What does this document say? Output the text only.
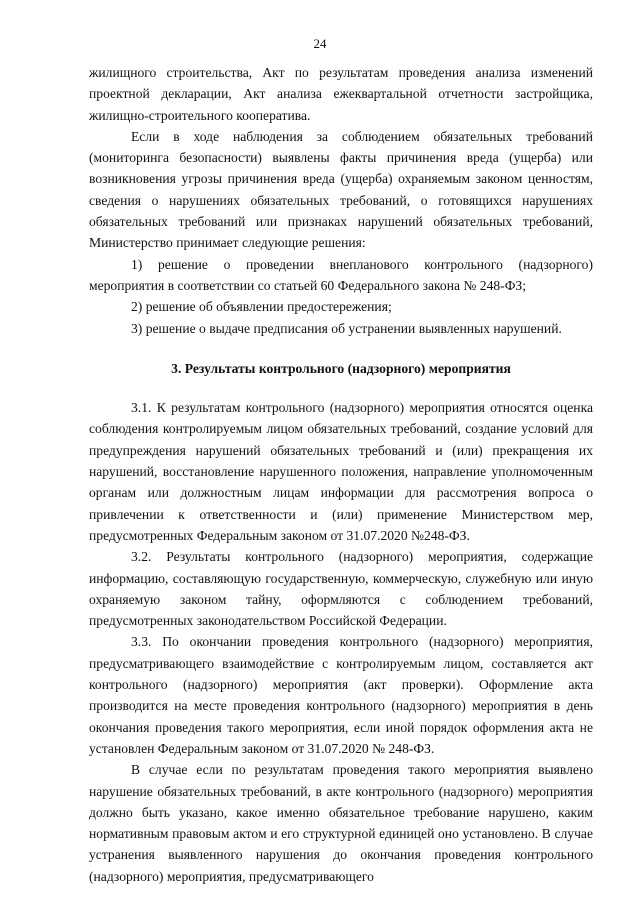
24

жилищного строительства, Акт по результатам проведения анализа изменений проектной декларации, Акт анализа ежеквартальной отчетности застройщика, жилищно-строительного кооператива.

Если в ходе наблюдения за соблюдением обязательных требований (мониторинга безопасности) выявлены факты причинения вреда (ущерба) или возникновения угрозы причинения вреда (ущерба) охраняемым законом ценностям, сведения о нарушениях обязательных требований, о готовящихся нарушениях обязательных требований или признаках нарушений обязательных требований, Министерство принимает следующие решения:

1) решение о проведении внепланового контрольного (надзорного) мероприятия в соответствии со статьей 60 Федерального закона № 248-ФЗ;

2) решение об объявлении предостережения;

3) решение о выдаче предписания об устранении выявленных нарушений.

3. Результаты контрольного (надзорного) мероприятия

3.1. К результатам контрольного (надзорного) мероприятия относятся оценка соблюдения контролируемым лицом обязательных требований, создание условий для предупреждения нарушений обязательных требований и (или) прекращения их нарушений, восстановление нарушенного положения, направление уполномоченным органам или должностным лицам информации для рассмотрения вопроса о привлечении к ответственности и (или) применение Министерством мер, предусмотренных Федеральным законом от 31.07.2020 №248-ФЗ.

3.2. Результаты контрольного (надзорного) мероприятия, содержащие информацию, составляющую государственную, коммерческую, служебную или иную охраняемую законом тайну, оформляются с соблюдением требований, предусмотренных законодательством Российской Федерации.

3.3. По окончании проведения контрольного (надзорного) мероприятия, предусматривающего взаимодействие с контролируемым лицом, составляется акт контрольного (надзорного) мероприятия (акт проверки). Оформление акта производится на месте проведения контрольного (надзорного) мероприятия в день окончания проведения такого мероприятия, если иной порядок оформления акта не установлен Федеральным законом от 31.07.2020 № 248-ФЗ.

В случае если по результатам проведения такого мероприятия выявлено нарушение обязательных требований, в акте контрольного (надзорного) мероприятия должно быть указано, какое именно обязательное требование нарушено, каким нормативным правовым актом и его структурной единицей оно установлено. В случае устранения выявленного нарушения до окончания проведения контрольного (надзорного) мероприятия, предусматривающего
